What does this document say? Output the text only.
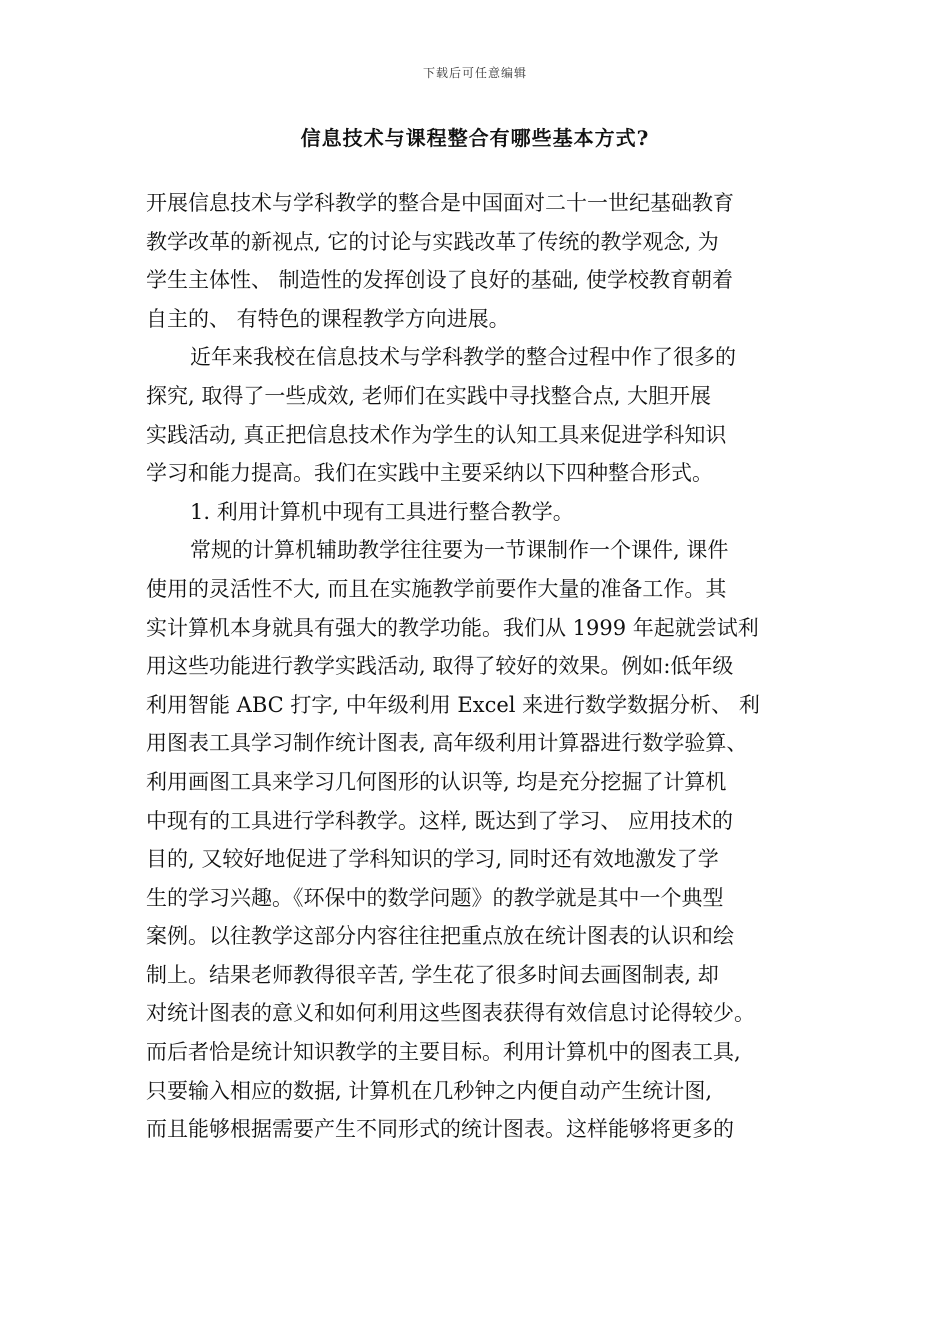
下载后可任意编辑
信息技术与课程整合有哪些基本方式?
开展信息技术与学科教学的整合是中国面对二十一世纪基础教育
教学改革的新视点, 它的讨论与实践改革了传统的教学观念, 为
学生主体性、 制造性的发挥创设了良好的基础, 使学校教育朝着
自主的、 有特色的课程教学方向进展。
近年来我校在信息技术与学科教学的整合过程中作了很多的
探究, 取得了一些成效, 老师们在实践中寻找整合点, 大胆开展
实践活动, 真正把信息技术作为学生的认知工具来促进学科知识
学习和能力提高。我们在实践中主要采纳以下四种整合形式。
1. 利用计算机中现有工具进行整合教学。
常规的计算机辅助教学往往要为一节课制作一个课件, 课件
使用的灵活性不大, 而且在实施教学前要作大量的准备工作。其
实计算机本身就具有强大的教学功能。我们从 1999 年起就尝试利
用这些功能进行教学实践活动, 取得了较好的效果。例如:低年级
利用智能 ABC 打字, 中年级利用 Excel 来进行数学数据分析、 利
用图表工具学习制作统计图表, 高年级利用计算器进行数学验算、
利用画图工具来学习几何图形的认识等, 均是充分挖掘了计算机
中现有的工具进行学科教学。这样, 既达到了学习、 应用技术的
目的, 又较好地促进了学科知识的学习, 同时还有效地激发了学
生的学习兴趣。《环保中的数学问题》的教学就是其中一个典型
案例。以往教学这部分内容往往把重点放在统计图表的认识和绘
制上。结果老师教得很辛苦, 学生花了很多时间去画图制表, 却
对统计图表的意义和如何利用这些图表获得有效信息讨论得较少。
而后者恰是统计知识教学的主要目标。利用计算机中的图表工具,
只要输入相应的数据, 计算机在几秒钟之内便自动产生统计图,
而且能够根据需要产生不同形式的统计图表。这样能够将更多的
